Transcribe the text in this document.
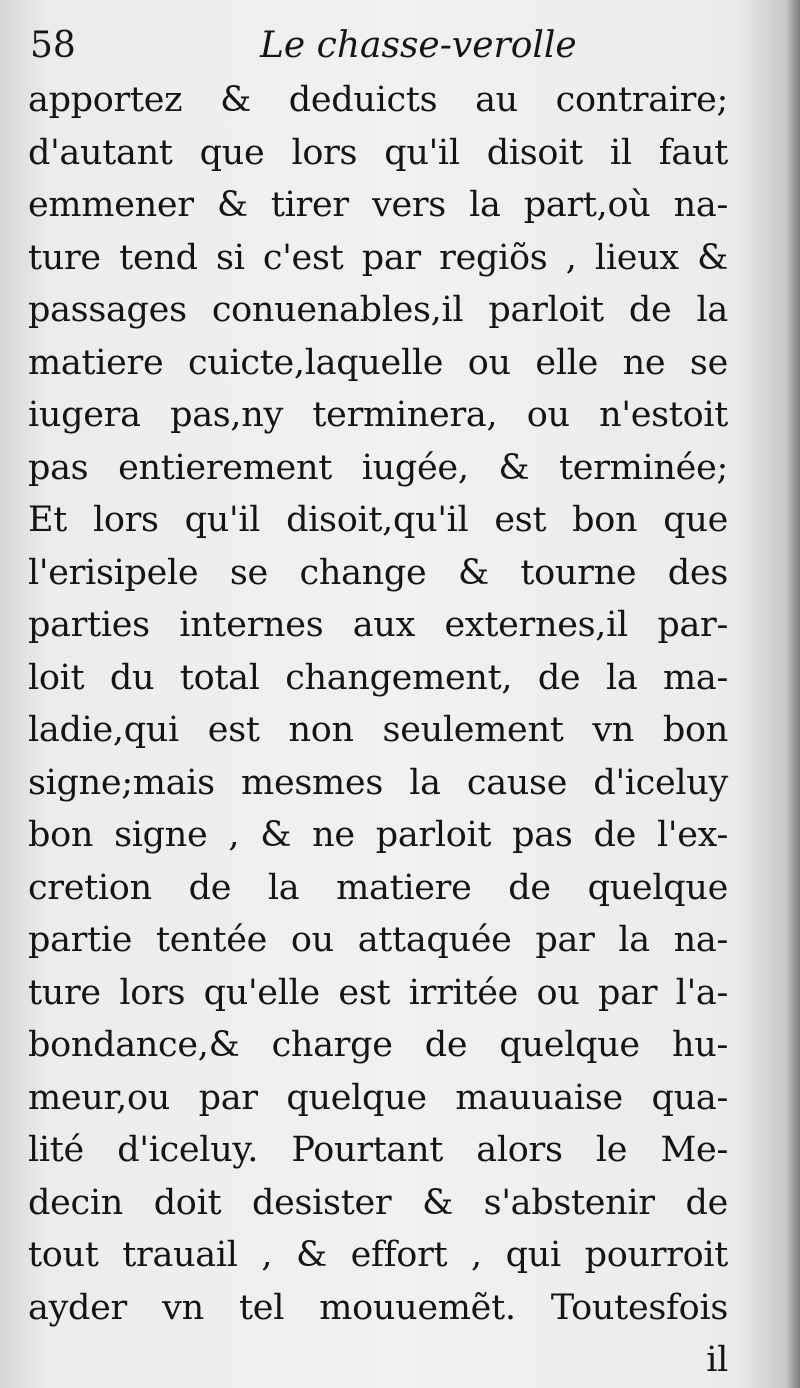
58	Le chasse-verolle
apportez & deduicts au contraire;
d'autant que lors qu'il disoit il faut
emmener & tirer vers la part,où na-
ture tend si c'est par regiõs , lieux &
passages conuenables,il parloit de la
matiere cuicte,laquelle ou elle ne se
iugera pas,ny terminera, ou n'estoit
pas entierement iugée, & terminée;
Et lors qu'il disoit,qu'il est bon que
l'erisipele se change & tourne des
parties internes aux externes,il par-
loit du total changement, de la ma-
ladie,qui est non seulement vn bon
signe;mais mesmes la cause d'iceluy
bon signe , & ne parloit pas de l'ex-
cretion de la matiere de quelque
partie tentée ou attaquée par la na-
ture lors qu'elle est irritée ou par l'a-
bondance,& charge de quelque hu-
meur,ou par quelque mauuaise qua-
lité d'iceluy. Pourtant alors le Me-
decin doit desister & s'abstenir de
tout trauail , & effort , qui pourroit
ayder vn tel mouuemẽt. Toutesfois
il
